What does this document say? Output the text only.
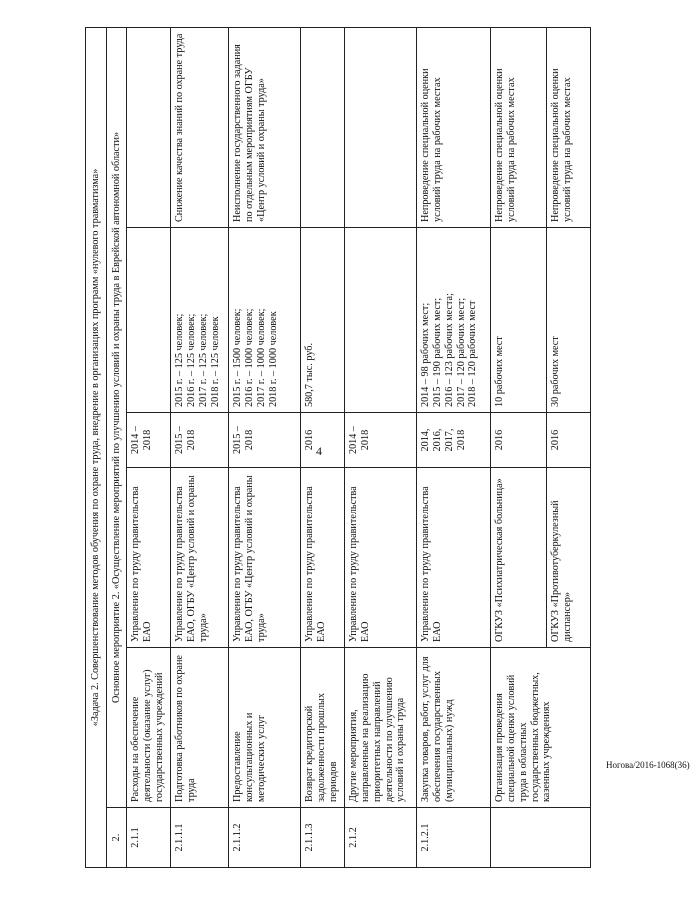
4
Ногова/2016-1068(36)
«Задача 2. Совершенствование методов обучения по охране труда, внедрение в организациях программ «нулевого травматизма»					
2.	Основное мероприятие 2. «Осуществление мероприятий по улучшению условий и охраны труда в Еврейской автономной области»				
2.1.1	Расходы на обеспечение деятельности (оказание услуг) государственных учреждений	Управление по труду правительства ЕАО	2014 – 2018		
2.1.1.1	Подготовка работников по охране труда	Управление по труду правительства ЕАО, ОГБУ «Центр условий и охраны труда»	2015 – 2018	2015 г. – 125 человек;
2016 г. – 125 человек;
2017 г. – 125 человек;
2018 г. – 125 человек	Снижение качества знаний по охране труда
2.1.1.2	Предоставление консультационных и методических услуг	Управление по труду правительства ЕАО, ОГБУ «Центр условий и охраны труда»	2015 – 2018	2015 г. – 1500 человек;
2016 г. – 1000 человек;
2017 г. – 1000 человек;
2018 г. – 1000 человек	Неисполнение государственного задания по отдельным мероприятиям ОГБУ «Центр условий и охраны труда»
2.1.1.3	Возврат кредиторской задолженности прошлых периодов	Управление по труду правительства ЕАО	2016	580,7 тыс. руб.	
2.1.2	Другие мероприятия, направленные на реализацию приоритетных направлений деятельности по улучшению условий и охраны труда	Управление по труду правительства ЕАО	2014 – 2018		
2.1.2.1	Закупка товаров, работ, услуг для обеспечения государственных (муниципальных) нужд	Управление по труду правительства ЕАО	2014,
2016,
2017,
2018	2014 – 98 рабочих мест;
2015 – 190 рабочих мест;
2016 – 123 рабочих места;
2017 – 120 рабочих мест;
2018 – 120 рабочих мест	Непроведение специальной оценки условий труда на рабочих местах
	Организация проведения специальной оценки условий труда в областных государственных бюджетных, казенных учреждениях	ОГКУЗ «Психиатрическая больница»	2016	10 рабочих мест	Непроведение специальной оценки условий труда на рабочих местах
		ОГКУЗ «Противотуберкулезный диспансер»	2016	30 рабочих мест	Непроведение специальной оценки условий труда на рабочих местах
